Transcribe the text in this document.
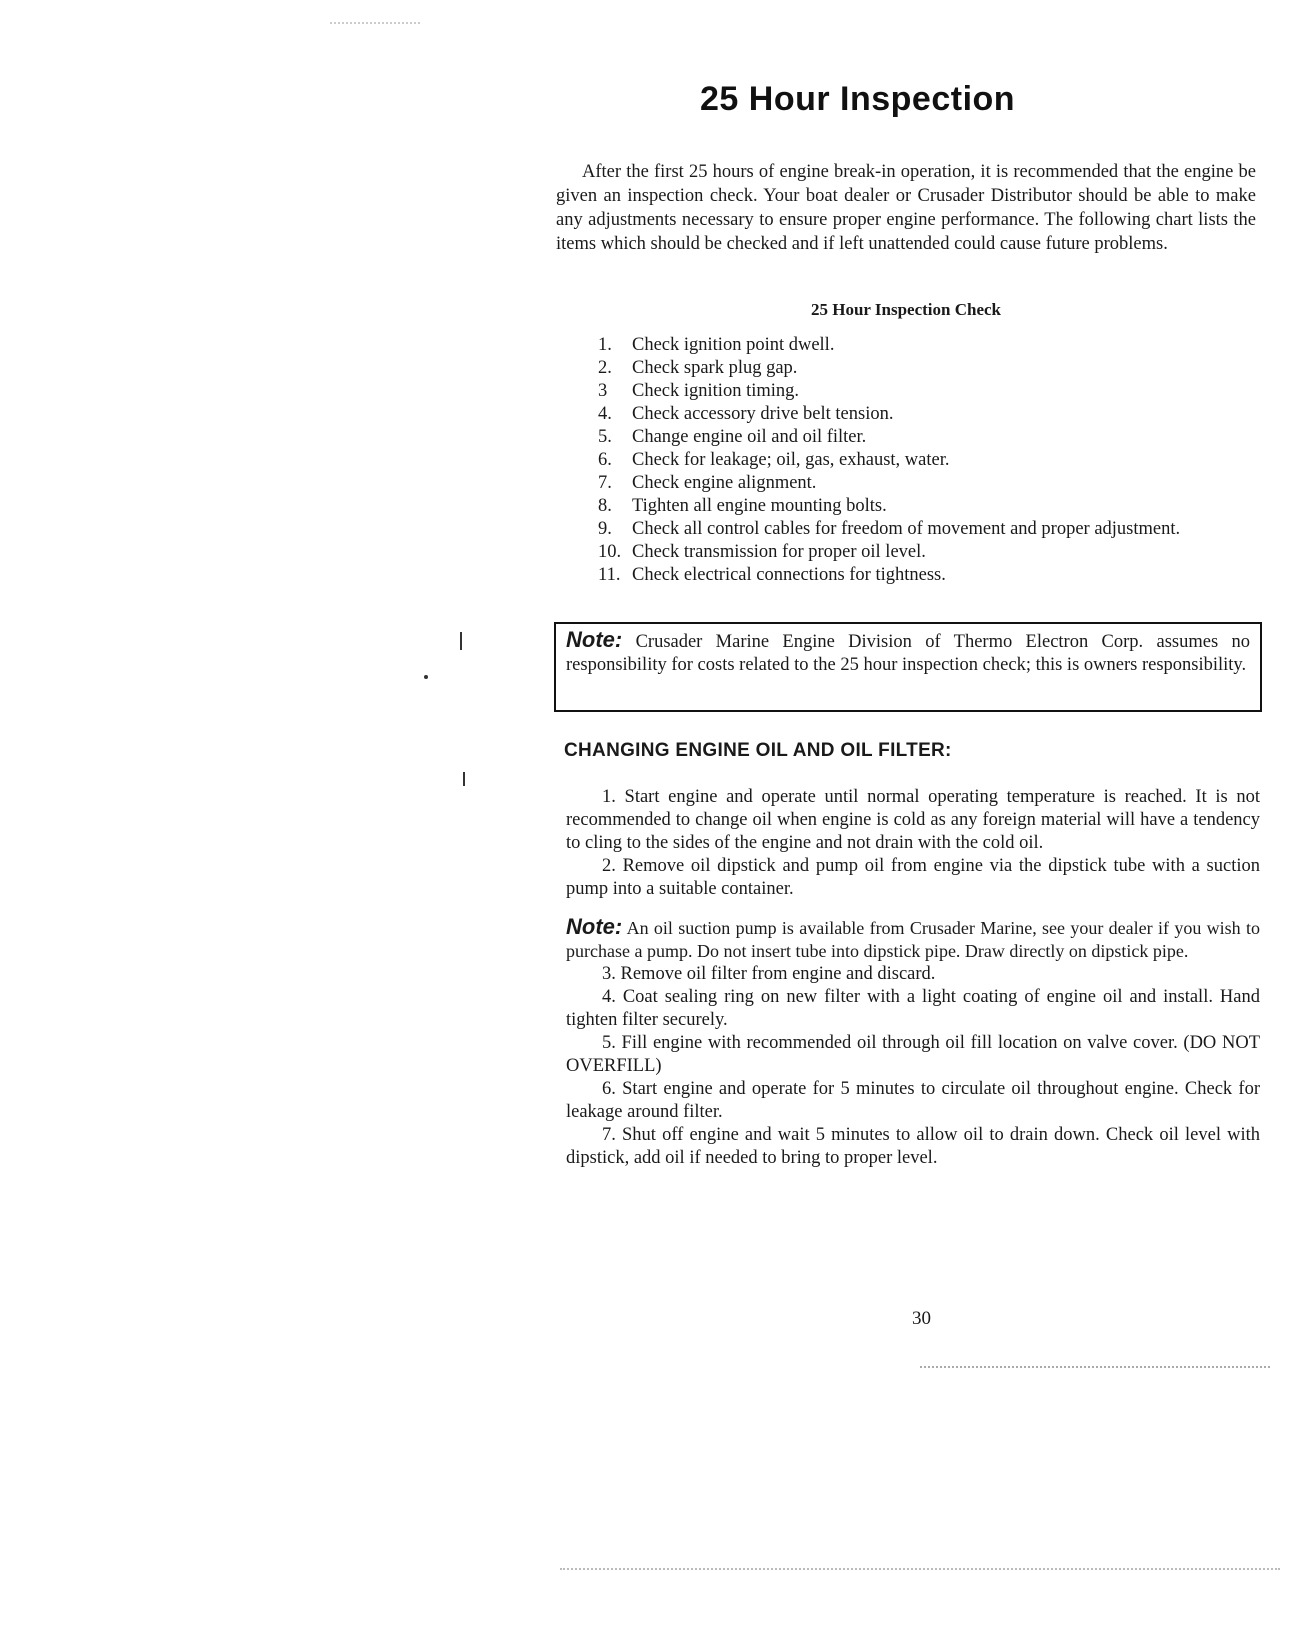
25 Hour Inspection

After the first 25 hours of engine break-in operation, it is recommended that the engine be given an inspection check. Your boat dealer or Crusader Distributor should be able to make any adjustments necessary to ensure proper engine performance. The following chart lists the items which should be checked and if left unattended could cause future problems.

25 Hour Inspection Check
1.	Check ignition point dwell.
2.	Check spark plug gap.
3	Check ignition timing.
4.	Check accessory drive belt tension.
5.	Change engine oil and oil filter.
6.	Check for leakage; oil, gas, exhaust, water.
7.	Check engine alignment.
8.	Tighten all engine mounting bolts.
9.	Check all control cables for freedom of movement and proper adjustment.
10. Check transmission for proper oil level.
11. Check electrical connections for tightness.
Note: Crusader Marine Engine Division of Thermo Electron Corp. assumes no responsibility for costs related to the 25 hour inspection check; this is owners responsibility.
CHANGING ENGINE OIL AND OIL FILTER:

1. Start engine and operate until normal operating temperature is reached. It is not recommended to change oil when engine is cold as any foreign material will have a tendency to cling to the sides of the engine and not drain with the cold oil.

2. Remove oil dipstick and pump oil from engine via the dipstick tube with a suction pump into a suitable container.

Note: An oil suction pump is available from Crusader Marine, see your dealer if you wish to purchase a pump. Do not insert tube into dipstick pipe. Draw directly on dipstick pipe.

3. Remove oil filter from engine and discard.

4. Coat sealing ring on new filter with a light coating of engine oil and install. Hand tighten filter securely.

5. Fill engine with recommended oil through oil fill location on valve cover. (DO NOT OVERFILL)

6. Start engine and operate for 5 minutes to circulate oil throughout engine. Check for leakage around filter.

7. Shut off engine and wait 5 minutes to allow oil to drain down. Check oil level with dipstick, add oil if needed to bring to proper level.

30
